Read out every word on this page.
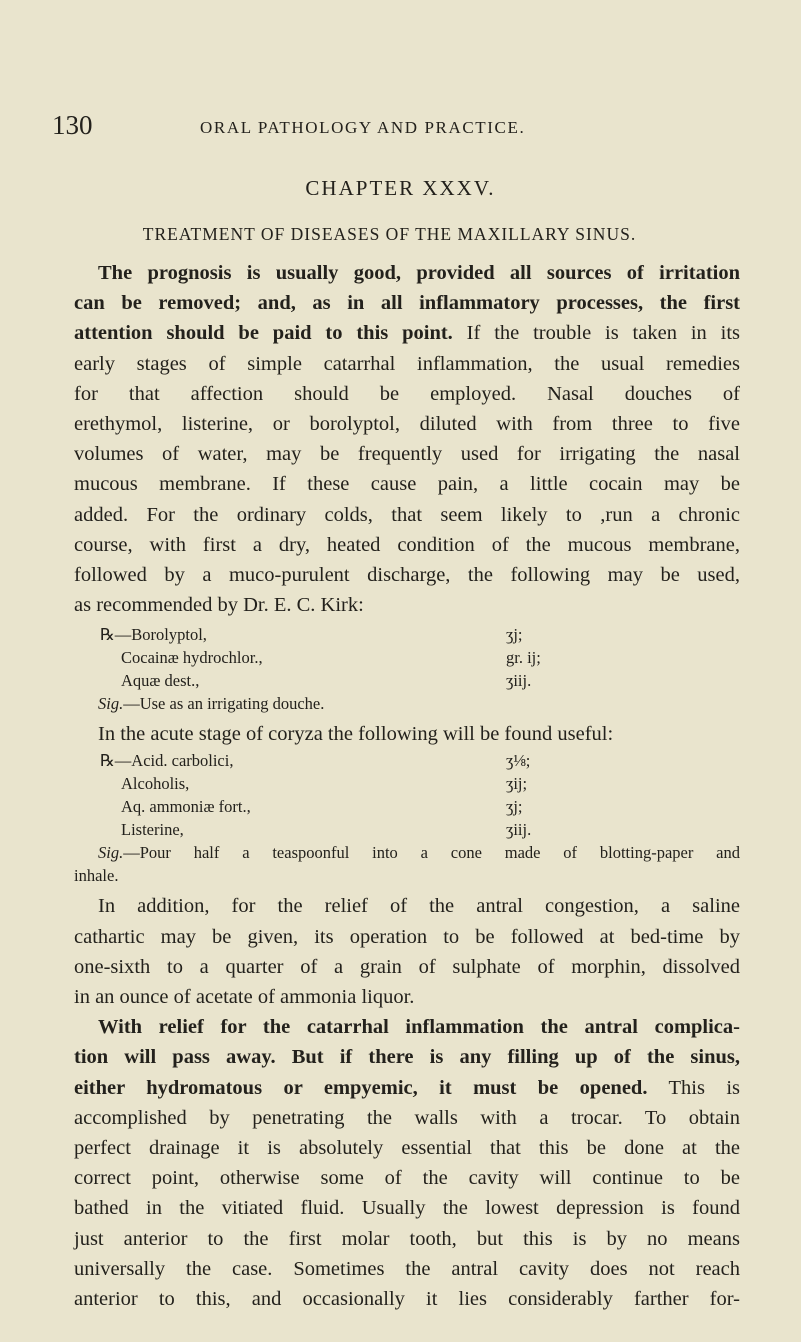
130	ORAL PATHOLOGY AND PRACTICE.
CHAPTER XXXV.
TREATMENT OF DISEASES OF THE MAXILLARY SINUS.
The prognosis is usually good, provided all sources of irritation
can be removed; and, as in all inflammatory processes, the first
attention should be paid to this point. If the trouble is taken in its
early stages of simple catarrhal inflammation, the usual remedies
for that affection should be employed. Nasal douches of
erethymol, listerine, or borolyptol, diluted with from three to five
volumes of water, may be frequently used for irrigating the nasal
mucous membrane. If these cause pain, a little cocain may be
added. For the ordinary colds, that seem likely to ,run a chronic
course, with first a dry, heated condition of the mucous membrane,
followed by a muco-purulent discharge, the following may be used,
as recommended by Dr. E. C. Kirk:
℞—Borolyptol,	ʒj;
Cocainæ hydrochlor.,	gr. ij;
Aquæ dest.,	ʒiij.
Sig.—Use as an irrigating douche.
In the acute stage of coryza the following will be found useful:
℞—Acid. carbolici,	ʒ⅛;
Alcoholis,	ʒij;
Aq. ammoniæ fort.,	ʒj;
Listerine,	ʒiij.
Sig.—Pour half a teaspoonful into a cone made of blotting-paper and
inhale.
In addition, for the relief of the antral congestion, a saline
cathartic may be given, its operation to be followed at bed-time by
one-sixth to a quarter of a grain of sulphate of morphin, dissolved
in an ounce of acetate of ammonia liquor.
With relief for the catarrhal inflammation the antral complica-
tion will pass away. But if there is any filling up of the sinus,
either hydromatous or empyemic, it must be opened. This is
accomplished by penetrating the walls with a trocar. To obtain
perfect drainage it is absolutely essential that this be done at the
correct point, otherwise some of the cavity will continue to be
bathed in the vitiated fluid. Usually the lowest depression is found
just anterior to the first molar tooth, but this is by no means
universally the case. Sometimes the antral cavity does not reach
anterior to this, and occasionally it lies considerably farther for-
